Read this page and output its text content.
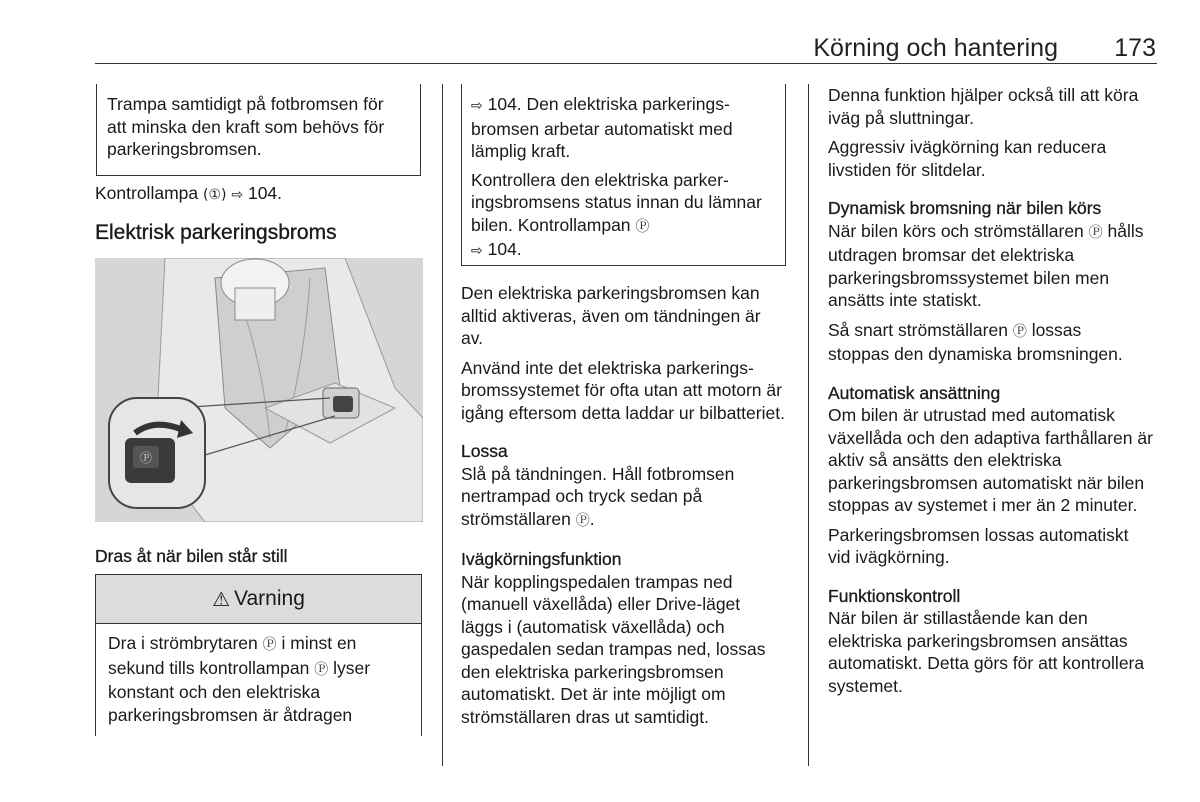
Körning och hantering 173

Trampa samtidigt på fotbromsen för att minska den kraft som behövs för parkeringsbromsen.

Kontrollampa (①) ⇨ 104.
Elektrisk parkeringsbroms
Ⓟ
Dras åt när bilen står still
⚠ Varning
Dra i strömbrytaren Ⓟ i minst en sekund tills kontrollampan Ⓟ lyser konstant och den elektriska parkeringsbromsen är åtdragen

⇨ 104. Den elektriska parkeringsbromsen arbetar automatiskt med lämplig kraft.

Kontrollera den elektriska parkeringsbromsens status innan du lämnar bilen. Kontrollampan Ⓟ
⇨ 104.

Den elektriska parkeringsbromsen kan alltid aktiveras, även om tändningen är av.

Använd inte det elektriska parkeringsbromssystemet för ofta utan att motorn är igång eftersom detta laddar ur bilbatteriet.

Lossa

Slå på tändningen. Håll fotbromsen nertrampad och tryck sedan på strömställaren Ⓟ.

Ivägkörningsfunktion

När kopplingspedalen trampas ned (manuell växellåda) eller Drive-läget läggs i (automatisk växellåda) och gaspedalen sedan trampas ned, lossas den elektriska parkeringsbromsen automatiskt. Det är inte möjligt om strömställaren dras ut samtidigt.

Denna funktion hjälper också till att köra iväg på sluttningar.

Aggressiv ivägkörning kan reducera livstiden för slitdelar.

Dynamisk bromsning när bilen körs

När bilen körs och strömställaren Ⓟ hålls utdragen bromsar det elektriska parkeringsbromssystemet bilen men ansätts inte statiskt.

Så snart strömställaren Ⓟ lossas stoppas den dynamiska bromsningen.

Automatisk ansättning

Om bilen är utrustad med automatisk växellåda och den adaptiva farthållaren är aktiv så ansätts den elektriska parkeringsbromsen automatiskt när bilen stoppas av systemet i mer än 2 minuter.

Parkeringsbromsen lossas automatiskt vid ivägkörning.

Funktionskontroll

När bilen är stillastående kan den elektriska parkeringsbromsen ansättas automatiskt. Detta görs för att kontrollera systemet.
